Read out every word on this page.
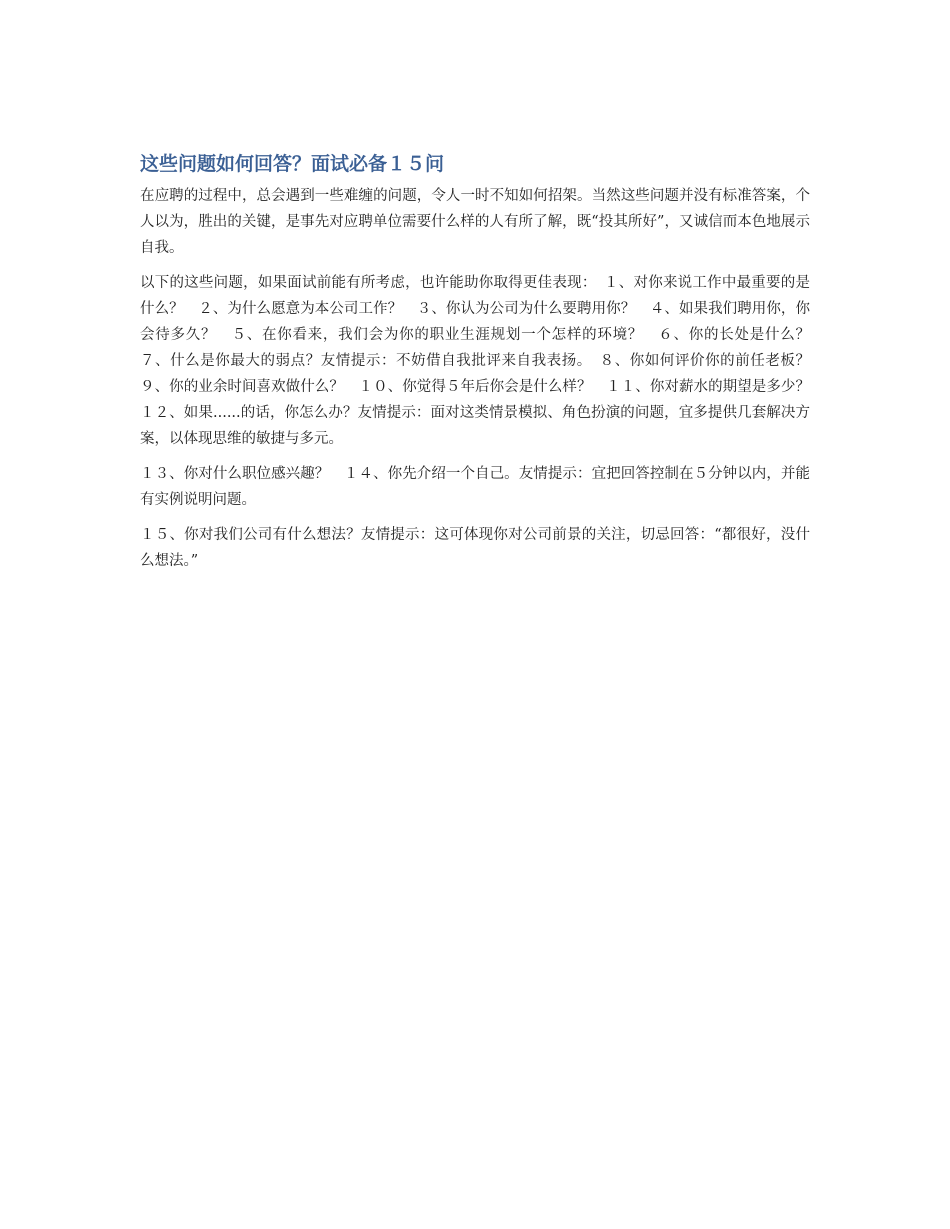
这些问题如何回答？面试必备１５问

在应聘的过程中，总会遇到一些难缠的问题，令人一时不知如何招架。当然这些问题并没有标准答案，个人以为，胜出的关键，是事先对应聘单位需要什么样的人有所了解，既“投其所好”，又诚信而本色地展示自我。

以下的这些问题，如果面试前能有所考虑，也许能助你取得更佳表现：　１、对你来说工作中最重要的是什么？　２、为什么愿意为本公司工作？　３、你认为公司为什么要聘用你？　４、如果我们聘用你，你会待多久？　５、在你看来，我们会为你的职业生涯规划一个怎样的环境？　６、你的长处是什么？　７、什么是你最大的弱点？友情提示：不妨借自我批评来自我表扬。　８、你如何评价你的前任老板？　９、你的业余时间喜欢做什么？　１０、你觉得５年后你会是什么样？　１１、你对薪水的期望是多少？　１２、如果......的话，你怎么办？友情提示：面对这类情景模拟、角色扮演的问题，宜多提供几套解决方案，以体现思维的敏捷与多元。

１３、你对什么职位感兴趣？　１４、你先介绍一个自己。友情提示：宜把回答控制在５分钟以内，并能有实例说明问题。

１５、你对我们公司有什么想法？友情提示：这可体现你对公司前景的关注，切忌回答：“都很好，没什么想法。”
